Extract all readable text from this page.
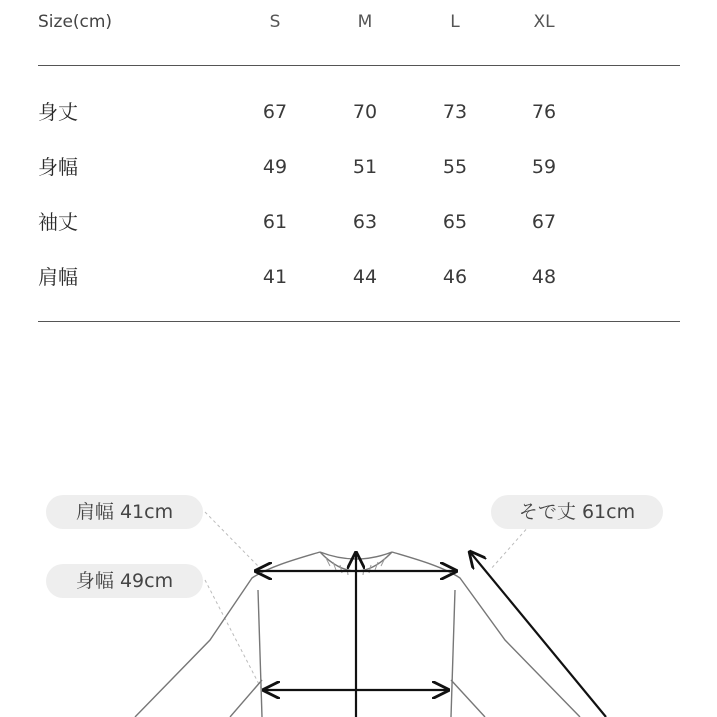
Size(cm)	S	M	L	XL
身丈	67	70	73	76
身幅	49	51	55	59
袖丈	61	63	65	67
肩幅	41	44	46	48
肩幅 41cm
身幅 49cm
そで丈 61cm
